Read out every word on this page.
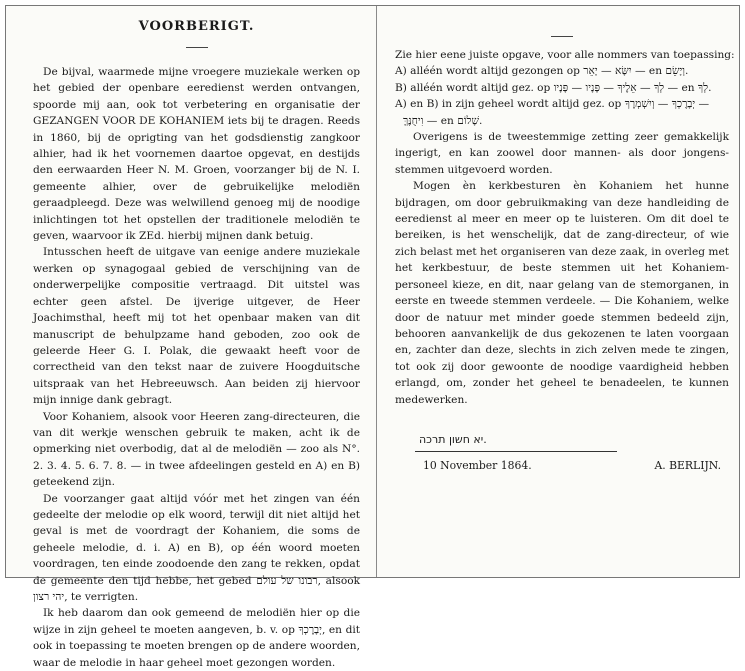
VOORBERIGT.

De bijval, waarmede mijne vroegere muziekale werken op het gebied der openbare eeredienst werden ontvangen, spoorde mij aan, ook tot verbetering en organisatie der GEZANGEN VOOR DE KOHANIEM iets bij te dragen. Reeds in 1860, bij de oprigting van het godsdienstig zangkoor alhier, had ik het voornemen daartoe opgevat, en destijds den eerwaarden Heer N. M. Groen, voorzanger bij de N. I. gemeente alhier, over de gebruikelijke melodiën geraadpleegd. Deze was welwillend genoeg mij de noodige inlichtingen tot het opstellen der traditionele melodiën te geven, waarvoor ik ZEd. hierbij mijnen dank betuig.

Intusschen heeft de uitgave van eenige andere muziekale werken op synagogaal gebied de verschijning van de onderwerpelijke compositie vertraagd. Dit uitstel was echter geen afstel. De ijverige uitgever, de Heer Joachimsthal, heeft mij tot het openbaar maken van dit manuscript de behulpzame hand geboden, zoo ook de geleerde Heer G. I. Polak, die gewaakt heeft voor de correctheid van den tekst naar de zuivere Hoogduitsche uitspraak van het Hebreeuwsch. Aan beiden zij hiervoor mijn innige dank gebragt.

Voor Kohaniem, alsook voor Heeren zang-directeuren, die van dit werkje wenschen gebruik te maken, acht ik de opmerking niet overbodig, dat al de melodiën — zoo als N°. 2. 3. 4. 5. 6. 7. 8. — in twee afdeelingen gesteld en A) en B) geteekend zijn.

De voorzanger gaat altijd vóór met het zingen van één gedeelte der melodie op elk woord, terwijl dit niet altijd het geval is met de voordragt der Kohaniem, die soms de geheele melodie, d. i. A) en B), op één woord moeten voordragen, ten einde zoodoende den zang te rekken, opdat de gemeente den tijd hebbe, het gebed רבונו של עולם, alsook יהי רצון, te verrigten.

Ik heb daarom dan ook gemeend de melodiën hier op die wijze in zijn geheel te moeten aangeven, b. v. op יְבָרֶכְךָ, en dit ook in toepassing te moeten brengen op de andere woorden, waar de melodie in haar geheel moet gezongen worden.

Zie hier eene juiste opgave, voor alle nommers van toepassing:

A) alléén wordt altijd gezongen op יִשָּׂא — יָאֵר — en וְיָשֵׂם.

B) alléén wordt altijd gez. op לְךָ — אֵלֶיךָ — פָּנָיו — פָּנָיו — en לְךָ.

A) en B) in zijn geheel wordt altijd gez. op יְבָרֶכְךָ — וְיִשְׁמְרֶךָ —

וִיחֻנֶּךָּ — en שָׁלוֹם.

Overigens is de tweestemmige zetting zeer gemakkelijk ingerigt, en kan zoowel door mannen- als door jongens-stemmen uitgevoerd worden.

Mogen èn kerkbesturen èn Kohaniem het hunne bijdragen, om door gebruikmaking van deze handleiding de eeredienst al meer en meer op te luisteren. Om dit doel te bereiken, is het wenschelijk, dat de zang-directeur, of wie zich belast met het organiseren van deze zaak, in overleg met het kerkbestuur, de beste stemmen uit het Kohaniem-personeel kieze, en dit, naar gelang van de stemorganen, in eerste en tweede stemmen verdeele. — Die Kohaniem, welke door de natuur met minder goede stemmen bedeeld zijn, behooren aanvankelijk de dus gekozenen te laten voorgaan en, zachter dan deze, slechts in zich zelven mede te zingen, tot ook zij door gewoonte de noodige vaardigheid hebben erlangd, om, zonder het geheel te benadeelen, te kunnen medewerken.

יא חשון תרכה.
10 November 1864.	A. BERLIJN.
